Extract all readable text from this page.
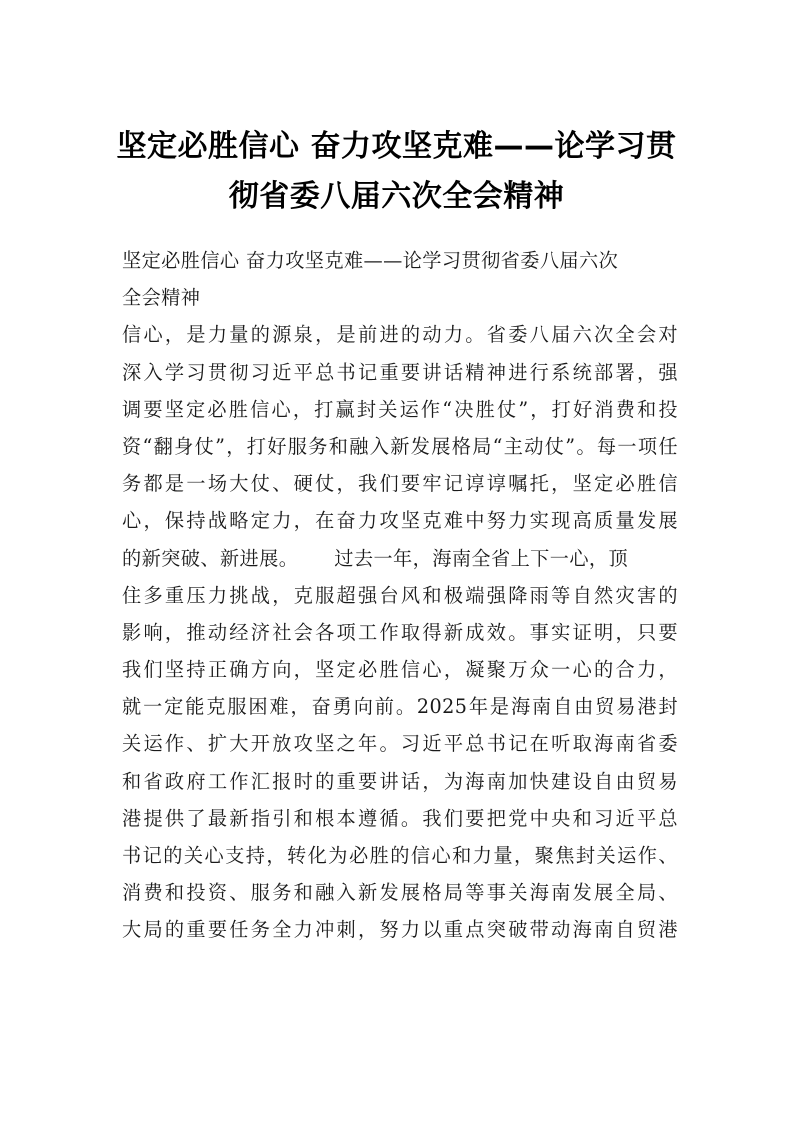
坚定必胜信心 奋力攻坚克难——论学习贯
彻省委八届六次全会精神
坚定必胜信心 奋力攻坚克难——论学习贯彻省委八届六次
全会精神
信心，是力量的源泉，是前进的动力。省委八届六次全会对
深入学习贯彻习近平总书记重要讲话精神进行系统部署，强
调要坚定必胜信心，打赢封关运作“决胜仗”，打好消费和投
资“翻身仗”，打好服务和融入新发展格局“主动仗”。每一项任
务都是一场大仗、硬仗，我们要牢记谆谆嘱托，坚定必胜信
心，保持战略定力，在奋力攻坚克难中努力实现高质量发展
的新突破、新进展。 过去一年，海南全省上下一心，顶
住多重压力挑战，克服超强台风和极端强降雨等自然灾害的
影响，推动经济社会各项工作取得新成效。事实证明，只要
我们坚持正确方向，坚定必胜信心，凝聚万众一心的合力，
就一定能克服困难，奋勇向前。2025年是海南自由贸易港封
关运作、扩大开放攻坚之年。习近平总书记在听取海南省委
和省政府工作汇报时的重要讲话，为海南加快建设自由贸易
港提供了最新指引和根本遵循。我们要把党中央和习近平总
书记的关心支持，转化为必胜的信心和力量，聚焦封关运作、
消费和投资、服务和融入新发展格局等事关海南发展全局、
大局的重要任务全力冲刺，努力以重点突破带动海南自贸港
